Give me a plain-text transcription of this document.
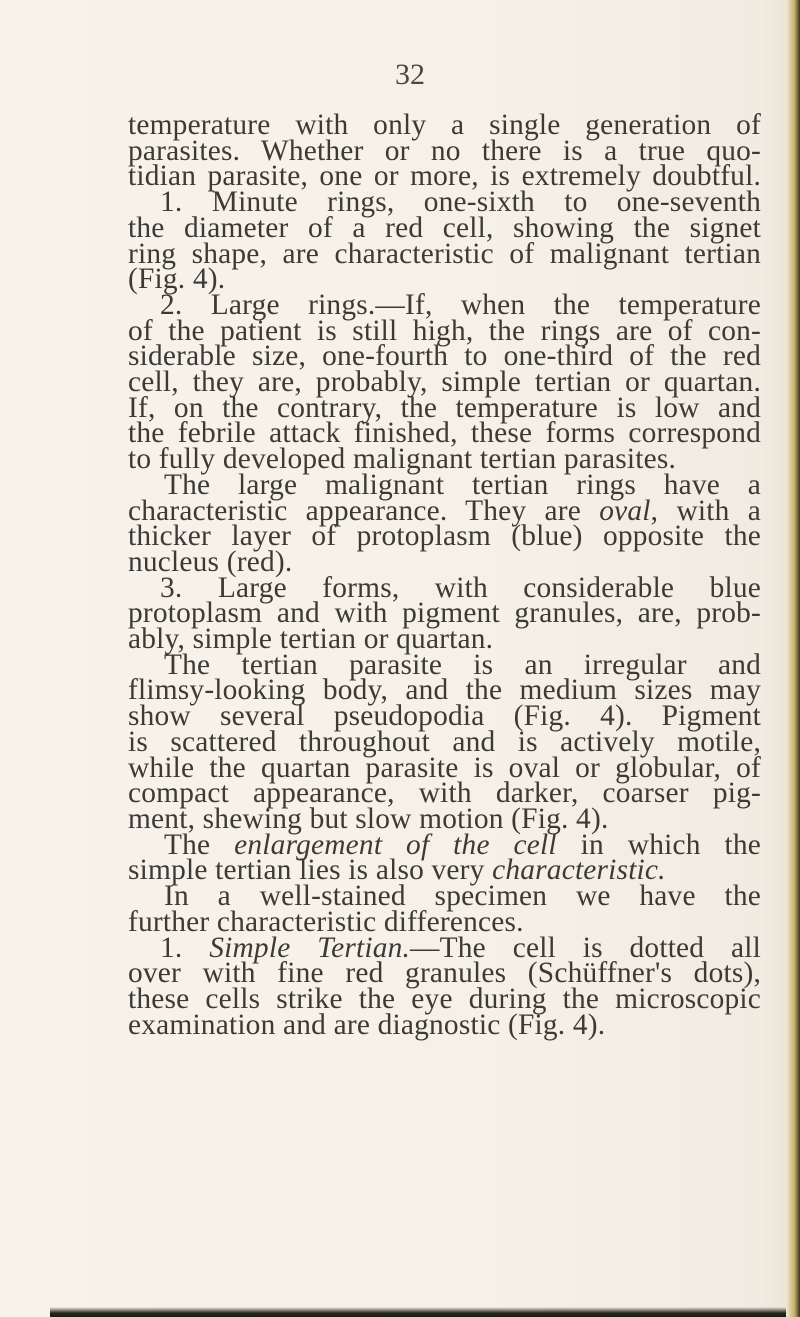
32
temperature with only a single generation of
parasites. Whether or no there is a true quo-
tidian parasite, one or more, is extremely doubtful.
1. Minute rings, one-sixth to one-seventh
the diameter of a red cell, showing the signet
ring shape, are characteristic of malignant tertian
(Fig. 4).
2. Large rings.—If, when the temperature
of the patient is still high, the rings are of con-
siderable size, one-fourth to one-third of the red
cell, they are, probably, simple tertian or quartan.
If, on the contrary, the temperature is low and
the febrile attack finished, these forms correspond
to fully developed malignant tertian parasites.
The large malignant tertian rings have a
characteristic appearance. They are oval, with a
thicker layer of protoplasm (blue) opposite the
nucleus (red).
3. Large forms, with considerable blue
protoplasm and with pigment granules, are, prob-
ably, simple tertian or quartan.
The tertian parasite is an irregular and
flimsy-looking body, and the medium sizes may
show several pseudopodia (Fig. 4). Pigment
is scattered throughout and is actively motile,
while the quartan parasite is oval or globular, of
compact appearance, with darker, coarser pig-
ment, shewing but slow motion (Fig. 4).
The enlargement of the cell in which the
simple tertian lies is also very characteristic.
In a well-stained specimen we have the
further characteristic differences.
1. Simple Tertian.—The cell is dotted all
over with fine red granules (Schüffner's dots),
these cells strike the eye during the microscopic
examination and are diagnostic (Fig. 4).
